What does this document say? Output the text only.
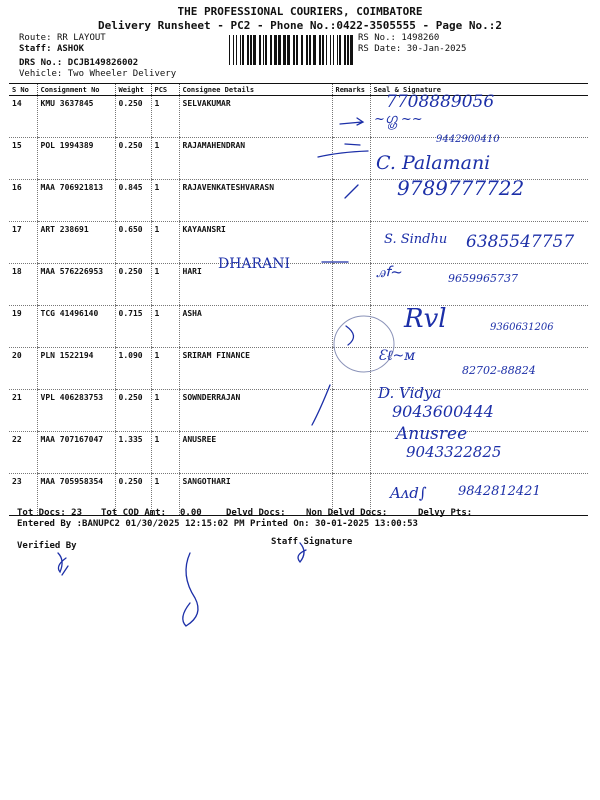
THE PROFESSIONAL COURIERS, COIMBATORE
Delivery Runsheet - PC2 - Phone No.:0422-3505555 - Page No.:2
Route: RR LAYOUT
Staff: ASHOK
DRS No.: DCJB149826002
Vehicle: Two Wheeler Delivery
RS No.: 1498260
RS Date: 30-Jan-2025
S No	Consignment No	Weight	PCS	Consignee Details	Remarks	Seal & Signature
14	KMU 3637845	0.250	1	SELVAKUMAR		
15	POL 1994389	0.250	1	RAJAMAHENDRAN		
16	MAA 706921813	0.845	1	RAJAVENKATESHVARASN		
17	ART 238691	0.650	1	KAYAANSRI		
18	MAA 576226953	0.250	1	HARI		
19	TCG 41496140	0.715	1	ASHA		
20	PLN 1522194	1.090	1	SRIRAM FINANCE		
21	VPL 406283753	0.250	1	SOWNDERRAJAN		
22	MAA 707167047	1.335	1	ANUSREE		
23	MAA 705958354	0.250	1	SANGOTHARI		
7708889056
~ഗ്ഗ്ര ~~
9442900410
C. Palamani
9789777722
S. Sindhu 6385547757
DHARANI	ꭿꬵ~	9659965737
Rvl	9360631206
Ɛℓ~ᴍ
82702-88824
D. Vidya
9043600444
Anusree
9043322825
Aᴧd∫ 9842812421
Tot Docs: 23 Tot COD Amt: 0.00	Delvd Docs: Non Delvd Docs:	Delvy Pts:
Entered By :BANUPC2 01/30/2025 12:15:02 PM Printed On: 30-01-2025 13:00:53
Verified By	Staff Signature
